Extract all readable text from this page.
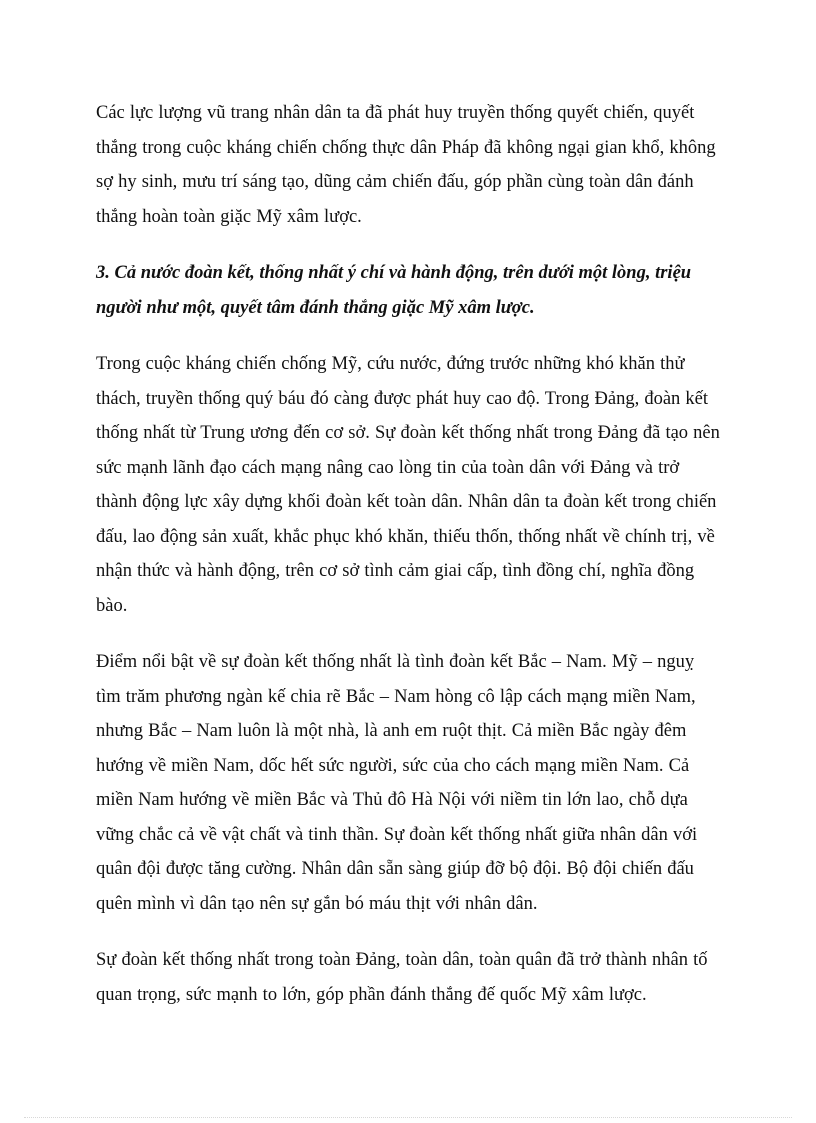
Các lực lượng vũ trang nhân dân ta đã phát huy truyền thống quyết chiến, quyết thắng trong cuộc kháng chiến chống thực dân Pháp đã không ngại gian khổ, không sợ hy sinh, mưu trí sáng tạo, dũng cảm chiến đấu, góp phần cùng toàn dân đánh thắng hoàn toàn giặc Mỹ xâm lược.

3. Cả nước đoàn kết, thống nhất ý chí và hành động, trên dưới một lòng, triệu người như một, quyết tâm đánh thắng giặc Mỹ xâm lược.

Trong cuộc kháng chiến chống Mỹ, cứu nước, đứng trước những khó khăn thử thách, truyền thống quý báu đó càng được phát huy cao độ. Trong Đảng, đoàn kết thống nhất từ Trung ương đến cơ sở. Sự đoàn kết thống nhất trong Đảng đã tạo nên sức mạnh lãnh đạo cách mạng nâng cao lòng tin của toàn dân với Đảng và trở thành động lực xây dựng khối đoàn kết toàn dân. Nhân dân ta đoàn kết trong chiến đấu, lao động sản xuất, khắc phục khó khăn, thiếu thốn, thống nhất về chính trị, về nhận thức và hành động, trên cơ sở tình cảm giai cấp, tình đồng chí, nghĩa đồng bào.

Điểm nổi bật về sự đoàn kết thống nhất là tình đoàn kết Bắc – Nam. Mỹ – nguỵ tìm trăm phương ngàn kế chia rẽ Bắc – Nam hòng cô lập cách mạng miền Nam, nhưng Bắc – Nam luôn là một nhà, là anh em ruột thịt. Cả miền Bắc ngày đêm hướng về miền Nam, dốc hết sức người, sức của cho cách mạng miền Nam. Cả miền Nam hướng về miền Bắc và Thủ đô Hà Nội với niềm tin lớn lao, chỗ dựa vững chắc cả về vật chất và tinh thần. Sự đoàn kết thống nhất giữa nhân dân với quân đội được tăng cường. Nhân dân sẵn sàng giúp đỡ bộ đội. Bộ đội chiến đấu quên mình vì dân tạo nên sự gắn bó máu thịt với nhân dân.

Sự đoàn kết thống nhất trong toàn Đảng, toàn dân, toàn quân đã trở thành nhân tố quan trọng, sức mạnh to lớn, góp phần đánh thắng đế quốc Mỹ xâm lược.
